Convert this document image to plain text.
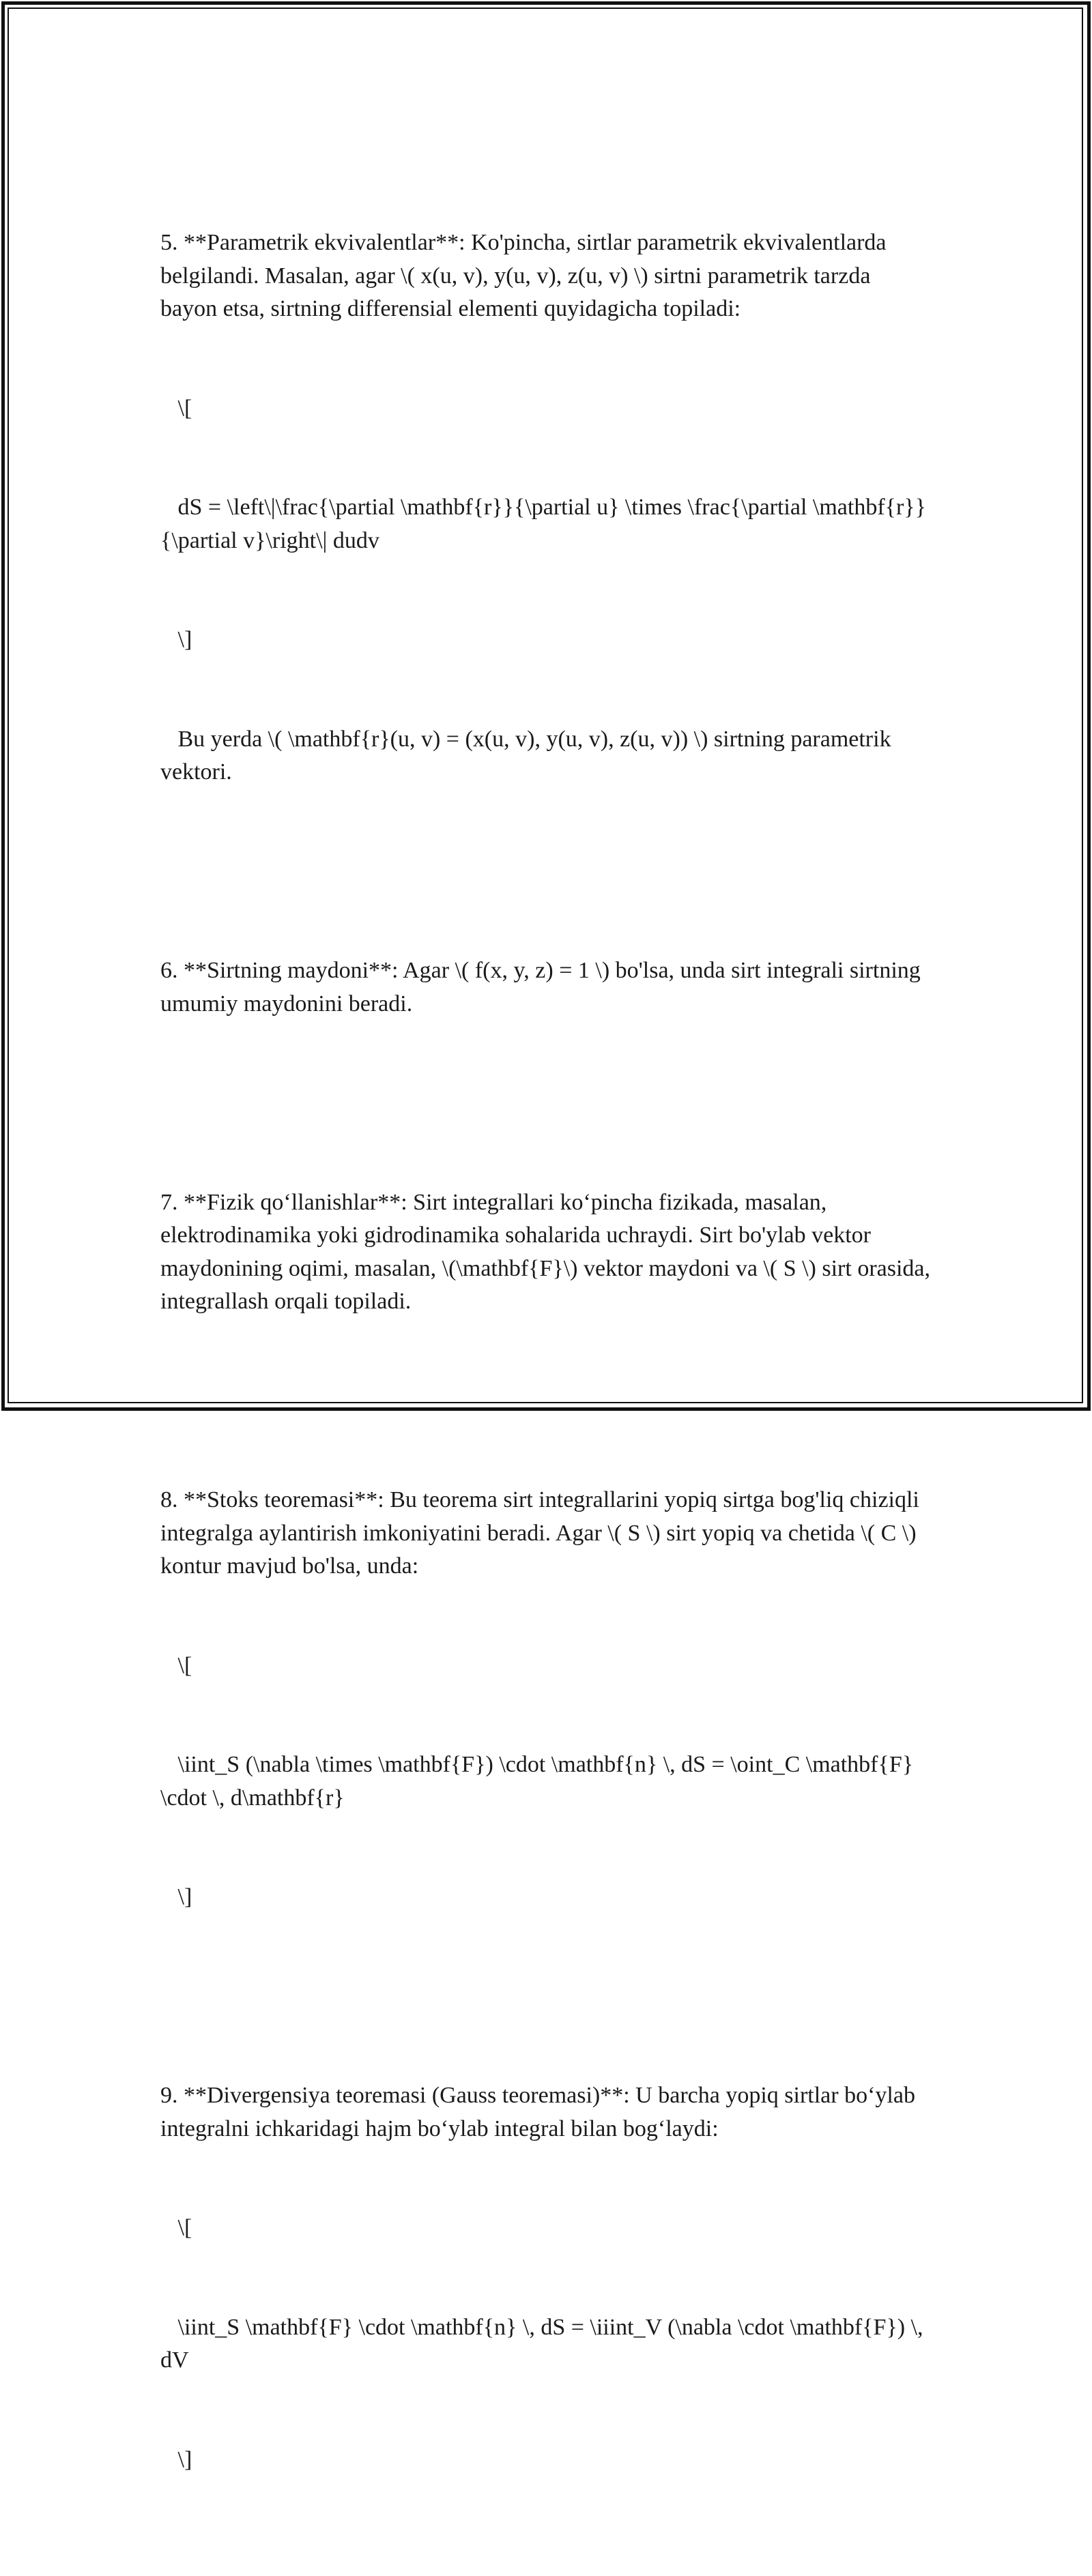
5. **Parametrik ekvivalentlar**: Ko'pincha, sirtlar parametrik ekvivalentlarda belgilandi. Masalan, agar \( x(u, v), y(u, v), z(u, v) \) sirtni parametrik tarzda bayon etsa, sirtning differensial elementi quyidagicha topiladi:

\[

dS = \left\|\frac{\partial \mathbf{r}}{\partial u} \times \frac{\partial \mathbf{r}}{\partial v}\right\| dudv

\]

Bu yerda \( \mathbf{r}(u, v) = (x(u, v), y(u, v), z(u, v)) \) sirtning parametrik vektori.

6. **Sirtning maydoni**: Agar \( f(x, y, z) = 1 \) bo'lsa, unda sirt integrali sirtning umumiy maydonini beradi.

7. **Fizik qo‘llanishlar**: Sirt integrallari ko‘pincha fizikada, masalan, elektrodinamika yoki gidrodinamika sohalarida uchraydi. Sirt bo'ylab vektor maydonining oqimi, masalan, \(\mathbf{F}\) vektor maydoni va \( S \) sirt orasida, integrallash orqali topiladi.

8. **Stoks teoremasi**: Bu teorema sirt integrallarini yopiq sirtga bog'liq chiziqli integralga aylantirish imkoniyatini beradi. Agar \( S \) sirt yopiq va chetida \( C \) kontur mavjud bo'lsa, unda:

\[

\iint_S (\nabla \times \mathbf{F}) \cdot \mathbf{n} \, dS = \oint_C \mathbf{F} \cdot \, d\mathbf{r}

\]

9. **Divergensiya teoremasi (Gauss teoremasi)**: U barcha yopiq sirtlar bo‘ylab integralni ichkaridagi hajm bo‘ylab integral bilan bog‘laydi:

\[

\iint_S \mathbf{F} \cdot \mathbf{n} \, dS = \iiint_V (\nabla \cdot \mathbf{F}) \, dV

\]
